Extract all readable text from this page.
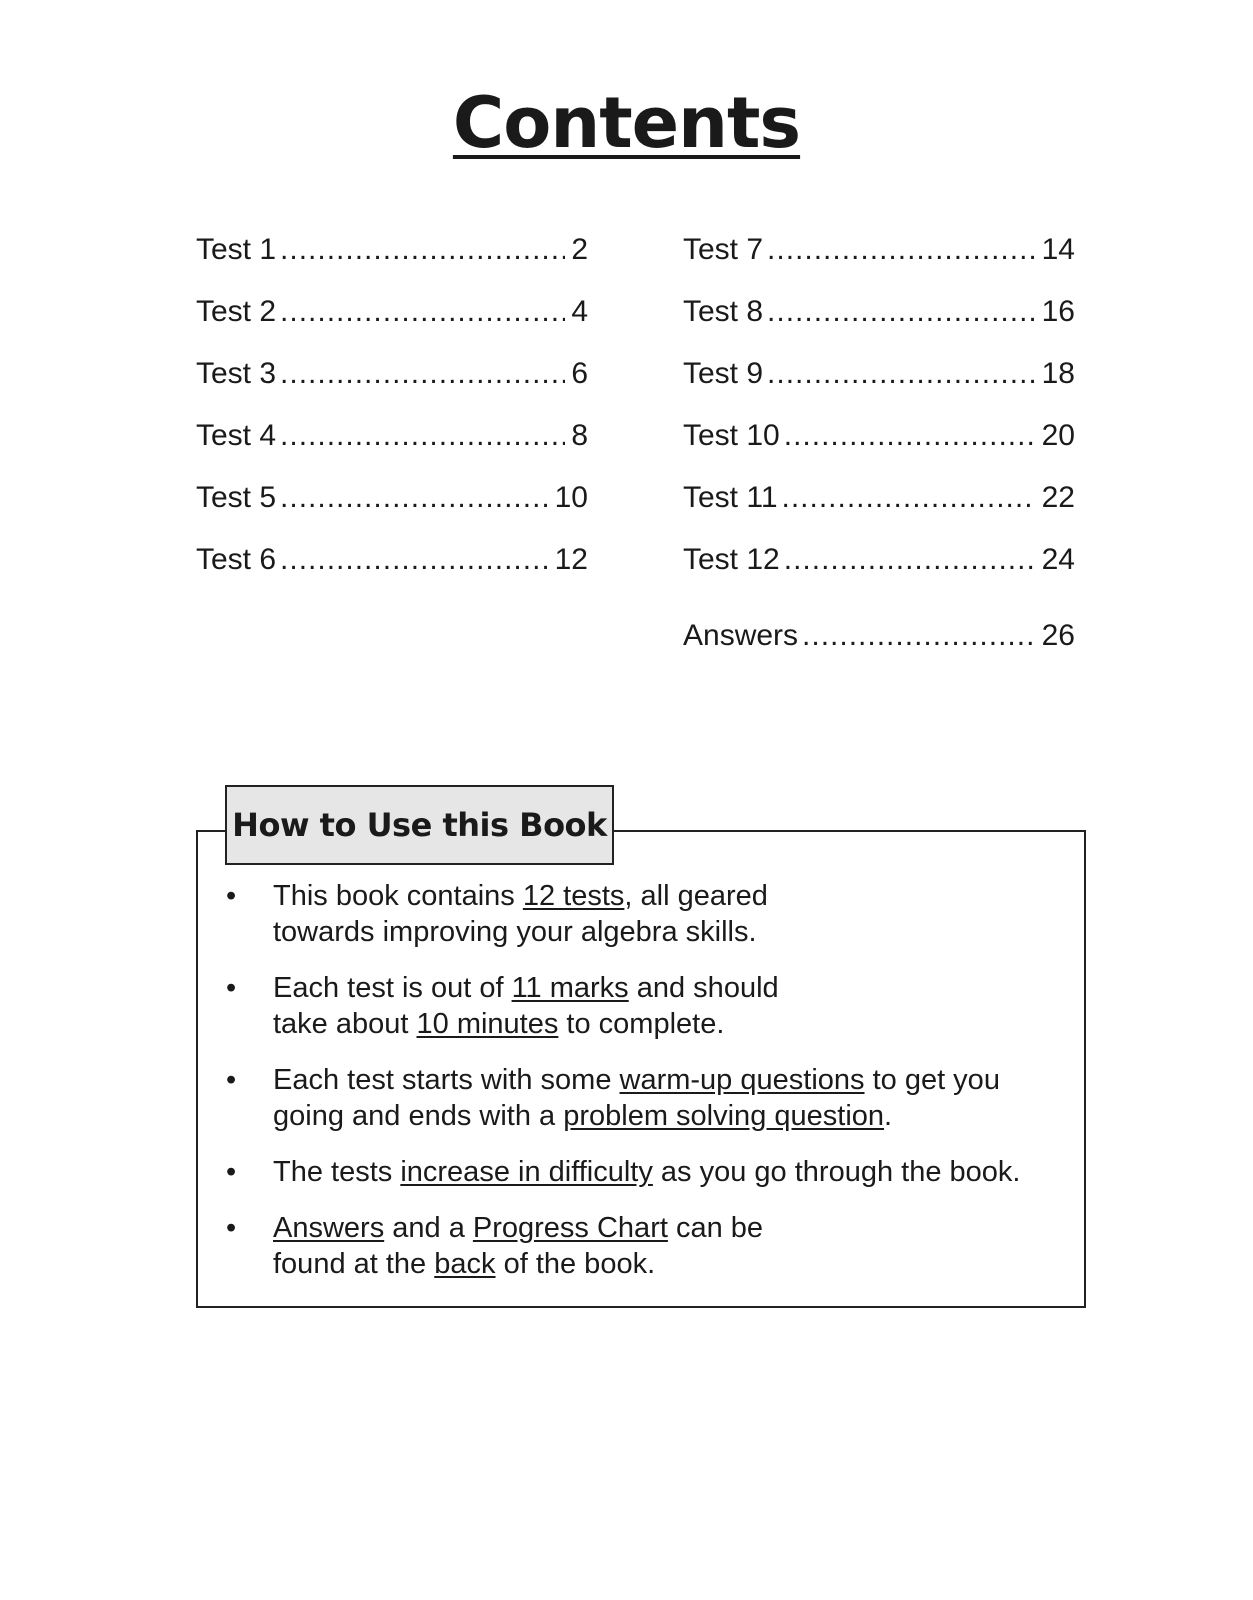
Contents
Test 1 .....	2
Test 2 .....	4
Test 3 .....	6
Test 4 .....	8
Test 5 .....	10
Test 6 .....	12
Test 7 .....	14
Test 8 .....	16
Test 9 .....	18
Test 10 .....	20
Test 11 .....	22
Test 12 .....	24
Answers .....	26
How to Use this Book
• This book contains 12 tests, all geared
towards improving your algebra skills.
• Each test is out of 11 marks and should
take about 10 minutes to complete.
• Each test starts with some warm-up questions to get you
going and ends with a problem solving question.
• The tests increase in difficulty as you go through the book.
• Answers and a Progress Chart can be
found at the back of the book.
